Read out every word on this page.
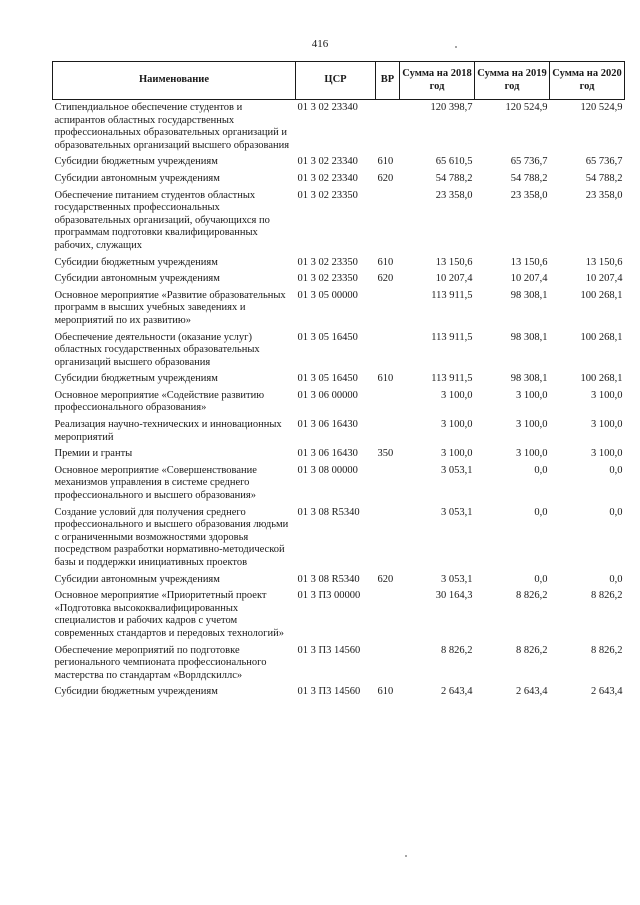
416
Наименование	ЦСР	ВР	Сумма на 2018 год	Сумма на 2019 год	Сумма на 2020 год
Стипендиальное обеспечение студентов и аспирантов областных государственных профессиональных образовательных организаций и образовательных организаций высшего образования	01 3 02 23340		120 398,7	120 524,9	120 524,9
Субсидии бюджетным учреждениям	01 3 02 23340	610	65 610,5	65 736,7	65 736,7
Субсидии автономным учреждениям	01 3 02 23340	620	54 788,2	54 788,2	54 788,2
Обеспечение питанием студентов областных государственных профессиональных образовательных организаций, обучающихся по программам подготовки квалифицированных рабочих, служащих	01 3 02 23350		23 358,0	23 358,0	23 358,0
Субсидии бюджетным учреждениям	01 3 02 23350	610	13 150,6	13 150,6	13 150,6
Субсидии автономным учреждениям	01 3 02 23350	620	10 207,4	10 207,4	10 207,4
Основное мероприятие «Развитие образовательных программ в высших учебных заведениях и мероприятий по их развитию»	01 3 05 00000		113 911,5	98 308,1	100 268,1
Обеспечение деятельности (оказание услуг) областных государственных образовательных организаций высшего образования	01 3 05 16450		113 911,5	98 308,1	100 268,1
Субсидии бюджетным учреждениям	01 3 05 16450	610	113 911,5	98 308,1	100 268,1
Основное мероприятие «Содействие развитию профессионального образования»	01 3 06 00000		3 100,0	3 100,0	3 100,0
Реализация научно-технических и инновационных мероприятий	01 3 06 16430		3 100,0	3 100,0	3 100,0
Премии и гранты	01 3 06 16430	350	3 100,0	3 100,0	3 100,0
Основное мероприятие «Совершенствование механизмов управления в системе среднего профессионального и высшего образования»	01 3 08 00000		3 053,1	0,0	0,0
Создание условий для получения среднего профессионального и высшего образования людьми с ограниченными возможностями здоровья посредством разработки нормативно-методической базы и поддержки инициативных проектов	01 3 08 R5340		3 053,1	0,0	0,0
Субсидии автономным учреждениям	01 3 08 R5340	620	3 053,1	0,0	0,0
Основное мероприятие «Приоритетный проект «Подготовка высококвалифицированных специалистов и рабочих кадров с учетом современных стандартов и передовых технологий»	01 3 П3 00000		30 164,3	8 826,2	8 826,2
Обеспечение мероприятий по подготовке регионального чемпионата профессионального мастерства по стандартам «Ворлдскиллс»	01 3 П3 14560		8 826,2	8 826,2	8 826,2
Субсидии бюджетным учреждениям	01 3 П3 14560	610	2 643,4	2 643,4	2 643,4
